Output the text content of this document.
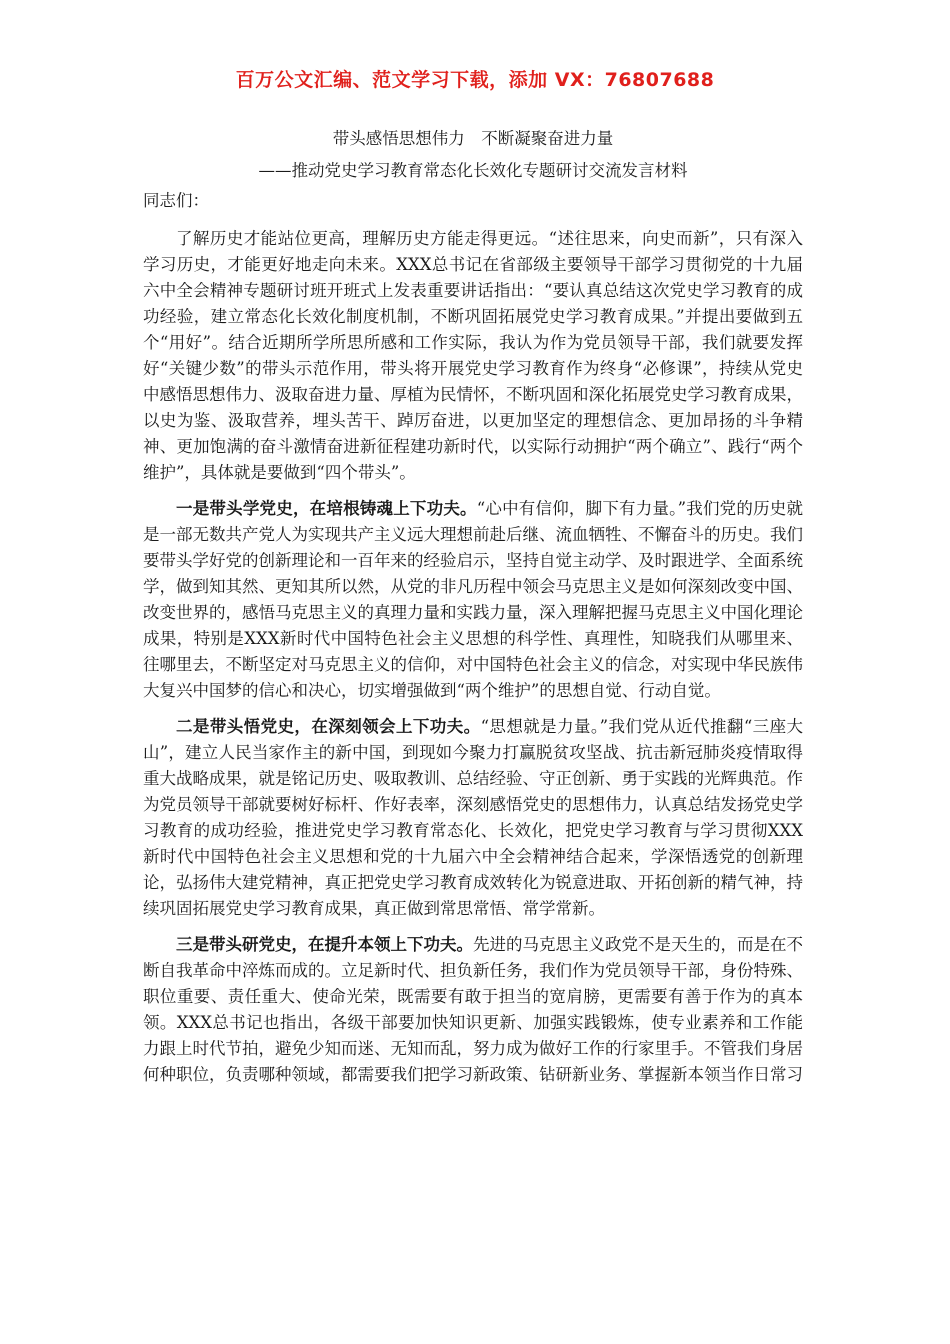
百万公文汇编、范文学习下载，添加 VX：76807688

带头感悟思想伟力　不断凝聚奋进力量

——推动党史学习教育常态化长效化专题研讨交流发言材料

同志们：

了解历史才能站位更高，理解历史方能走得更远。“述往思来，向史而新”，只有深入学习历史，才能更好地走向未来。XXX总书记在省部级主要领导干部学习贯彻党的十九届六中全会精神专题研讨班开班式上发表重要讲话指出：“要认真总结这次党史学习教育的成功经验，建立常态化长效化制度机制，不断巩固拓展党史学习教育成果。”并提出要做到五个“用好”。结合近期所学所思所感和工作实际，我认为作为党员领导干部，我们就要发挥好“关键少数”的带头示范作用，带头将开展党史学习教育作为终身“必修课”，持续从党史中感悟思想伟力、汲取奋进力量、厚植为民情怀，不断巩固和深化拓展党史学习教育成果，以史为鉴、汲取营养，埋头苦干、踔厉奋进，以更加坚定的理想信念、更加昂扬的斗争精神、更加饱满的奋斗激情奋进新征程建功新时代，以实际行动拥护“两个确立”、践行“两个维护”，具体就是要做到“四个带头”。

一是带头学党史，在培根铸魂上下功夫。“心中有信仰，脚下有力量。”我们党的历史就是一部无数共产党人为实现共产主义远大理想前赴后继、流血牺牲、不懈奋斗的历史。我们要带头学好党的创新理论和一百年来的经验启示，坚持自觉主动学、及时跟进学、全面系统学，做到知其然、更知其所以然，从党的非凡历程中领会马克思主义是如何深刻改变中国、改变世界的，感悟马克思主义的真理力量和实践力量，深入理解把握马克思主义中国化理论成果，特别是XXX新时代中国特色社会主义思想的科学性、真理性，知晓我们从哪里来、往哪里去，不断坚定对马克思主义的信仰，对中国特色社会主义的信念，对实现中华民族伟大复兴中国梦的信心和决心，切实增强做到“两个维护”的思想自觉、行动自觉。

二是带头悟党史，在深刻领会上下功夫。“思想就是力量。”我们党从近代推翻“三座大山”，建立人民当家作主的新中国，到现如今聚力打赢脱贫攻坚战、抗击新冠肺炎疫情取得重大战略成果，就是铭记历史、吸取教训、总结经验、守正创新、勇于实践的光辉典范。作为党员领导干部就要树好标杆、作好表率，深刻感悟党史的思想伟力，认真总结发扬党史学习教育的成功经验，推进党史学习教育常态化、长效化，把党史学习教育与学习贯彻XXX新时代中国特色社会主义思想和党的十九届六中全会精神结合起来，学深悟透党的创新理论，弘扬伟大建党精神，真正把党史学习教育成效转化为锐意进取、开拓创新的精气神，持续巩固拓展党史学习教育成果，真正做到常思常悟、常学常新。

三是带头研党史，在提升本领上下功夫。先进的马克思主义政党不是天生的，而是在不断自我革命中淬炼而成的。立足新时代、担负新任务，我们作为党员领导干部，身份特殊、职位重要、责任重大、使命光荣，既需要有敢于担当的宽肩膀，更需要有善于作为的真本领。XXX总书记也指出，各级干部要加快知识更新、加强实践锻炼，使专业素养和工作能力跟上时代节拍，避免少知而迷、无知而乱，努力成为做好工作的行家里手。不管我们身居何种职位，负责哪种领域，都需要我们把学习新政策、钻研新业务、掌握新本领当作日常习
